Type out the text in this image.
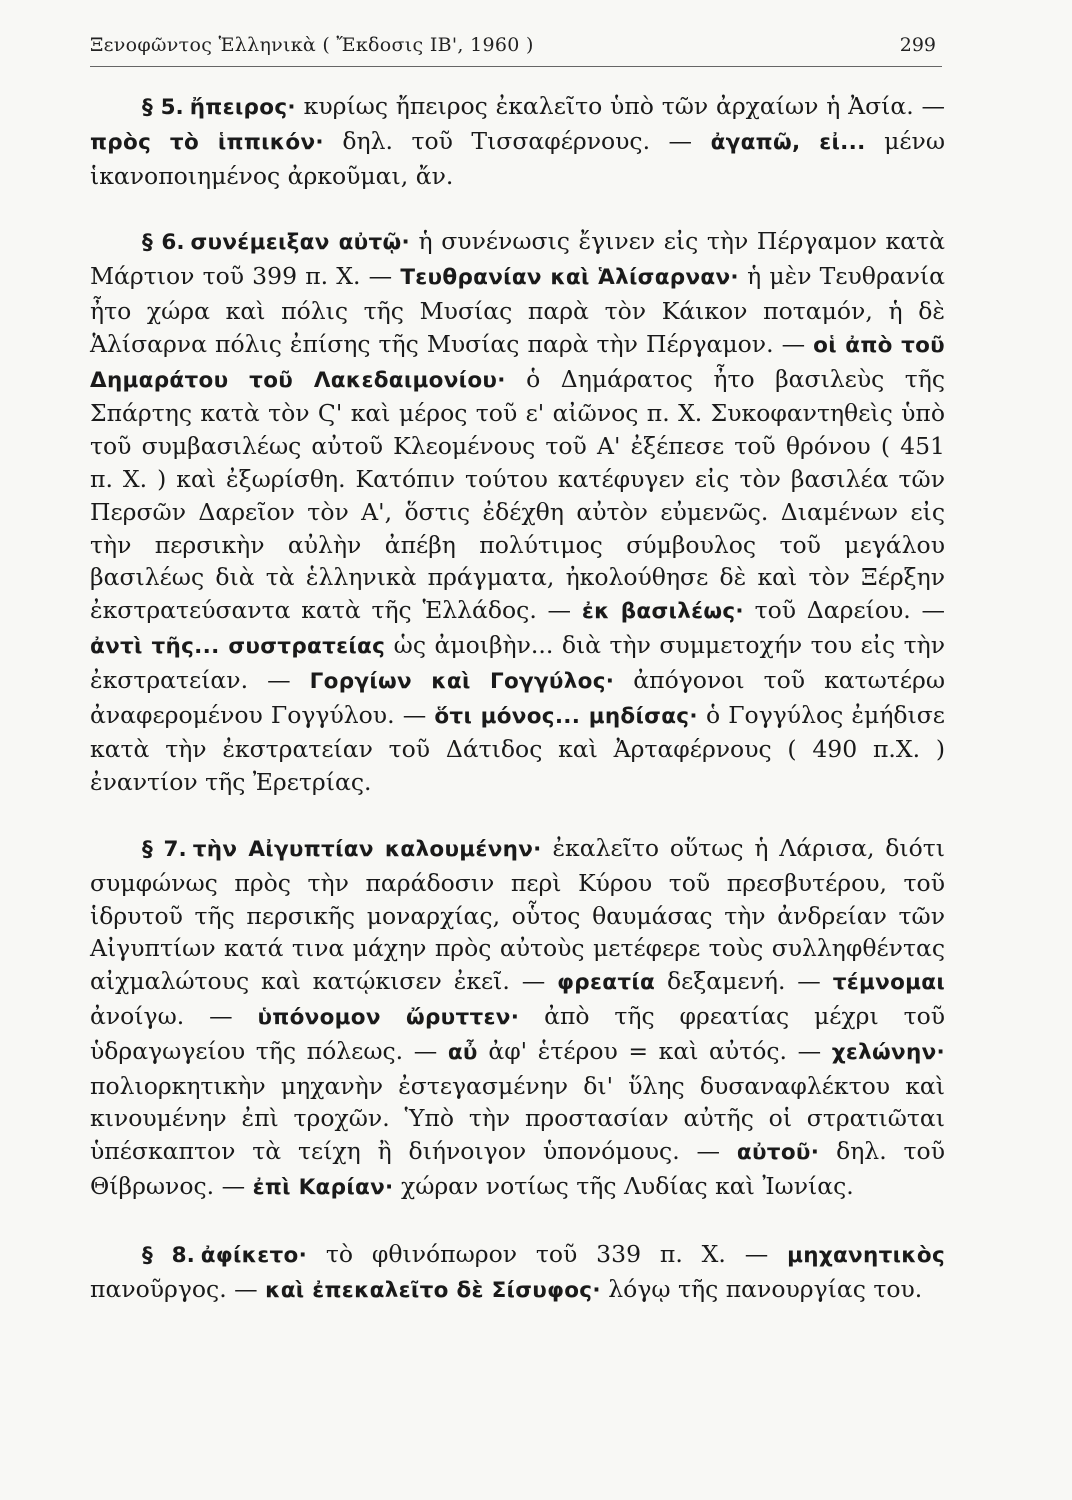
Ξενοφῶντος Ἑλληνικὰ ( Ἔκδοσις ΙΒ', 1960 )	299

§ 5. ἤπειρος· κυρίως ἤπειρος ἐκαλεῖτο ὑπὸ τῶν ἀρχαίων ἡ Ἀσία. — πρὸς τὸ ἱππικόν· δηλ. τοῦ Τισσαφέρνους. — ἀγαπῶ, εἰ... μένω ἱκανοποιημένος ἀρκοῦμαι, ἄν.

§ 6. συνέμειξαν αὐτῷ· ἡ συνένωσις ἔγινεν εἰς τὴν Πέργαμον κατὰ Μάρτιον τοῦ 399 π. Χ. — Τευθρανίαν καὶ Ἁλίσαρναν· ἡ μὲν Τευθρανία ἦτο χώρα καὶ πόλις τῆς Μυσίας παρὰ τὸν Κάικον ποταμόν, ἡ δὲ Ἁλίσαρνα πόλις ἐπίσης τῆς Μυσίας παρὰ τὴν Πέργαμον. — οἱ ἀπὸ τοῦ Δημαράτου τοῦ Λακεδαιμονίου· ὁ Δημάρατος ἦτο βασιλεὺς τῆς Σπάρτης κατὰ τὸν Ϛ' καὶ μέρος τοῦ ε' αἰῶνος π. Χ. Συκοφαντηθεὶς ὑπὸ τοῦ συμβασιλέως αὐτοῦ Κλεομένους τοῦ Α' ἐξέπεσε τοῦ θρόνου ( 451 π. Χ. ) καὶ ἐξωρίσθη. Κατόπιν τούτου κατέφυγεν εἰς τὸν βασιλέα τῶν Περσῶν Δαρεῖον τὸν Α', ὅστις ἐδέχθη αὐτὸν εὐμενῶς. Διαμένων εἰς τὴν περσικὴν αὐλὴν ἀπέβη πολύτιμος σύμβουλος τοῦ μεγάλου βασιλέως διὰ τὰ ἑλληνικὰ πράγματα, ἠκολούθησε δὲ καὶ τὸν Ξέρξην ἐκστρατεύσαντα κατὰ τῆς Ἑλλάδος. — ἐκ βασιλέως· τοῦ Δαρείου. — ἀντὶ τῆς... συστρατείας ὡς ἀμοιβὴν... διὰ τὴν συμμετοχήν του εἰς τὴν ἐκστρατείαν. — Γοργίων καὶ Γογγύλος· ἀπόγονοι τοῦ κατωτέρω ἀναφερομένου Γογγύλου. — ὅτι μόνος... μηδίσας· ὁ Γογγύλος ἐμήδισε κατὰ τὴν ἐκστρατείαν τοῦ Δάτιδος καὶ Ἀρταφέρνους ( 490 π.Χ. ) ἐναντίον τῆς Ἐρετρίας.

§ 7. τὴν Αἰγυπτίαν καλουμένην· ἐκαλεῖτο οὕτως ἡ Λάρισα, διότι συμφώνως πρὸς τὴν παράδοσιν περὶ Κύρου τοῦ πρεσβυτέρου, τοῦ ἱδρυτοῦ τῆς περσικῆς μοναρχίας, οὗτος θαυμάσας τὴν ἀνδρείαν τῶν Αἰγυπτίων κατά τινα μάχην πρὸς αὐτοὺς μετέφερε τοὺς συλληφθέντας αἰχμαλώτους καὶ κατῴκισεν ἐκεῖ. — φρεατία δεξαμενή. — τέμνομαι ἀνοίγω. — ὑπόνομον ὤρυττεν· ἀπὸ τῆς φρεατίας μέχρι τοῦ ὑδραγωγείου τῆς πόλεως. — αὖ ἀφ' ἑτέρου = καὶ αὐτός. — χελώνην· πολιορκητικὴν μηχανὴν ἐστεγασμένην δι' ὕλης δυσαναφλέκτου καὶ κινουμένην ἐπὶ τροχῶν. Ὑπὸ τὴν προστασίαν αὐτῆς οἱ στρατιῶται ὑπέσκαπτον τὰ τείχη ἢ διήνοιγον ὑπονόμους. — αὐτοῦ· δηλ. τοῦ Θίβρωνος. — ἐπὶ Καρίαν· χώραν νοτίως τῆς Λυδίας καὶ Ἰωνίας.

§ 8. ἀφίκετο· τὸ φθινόπωρον τοῦ 339 π. Χ. — μηχανητικὸς πανοῦργος. — καὶ ἐπεκαλεῖτο δὲ Σίσυφος· λόγῳ τῆς πανουργίας του.
